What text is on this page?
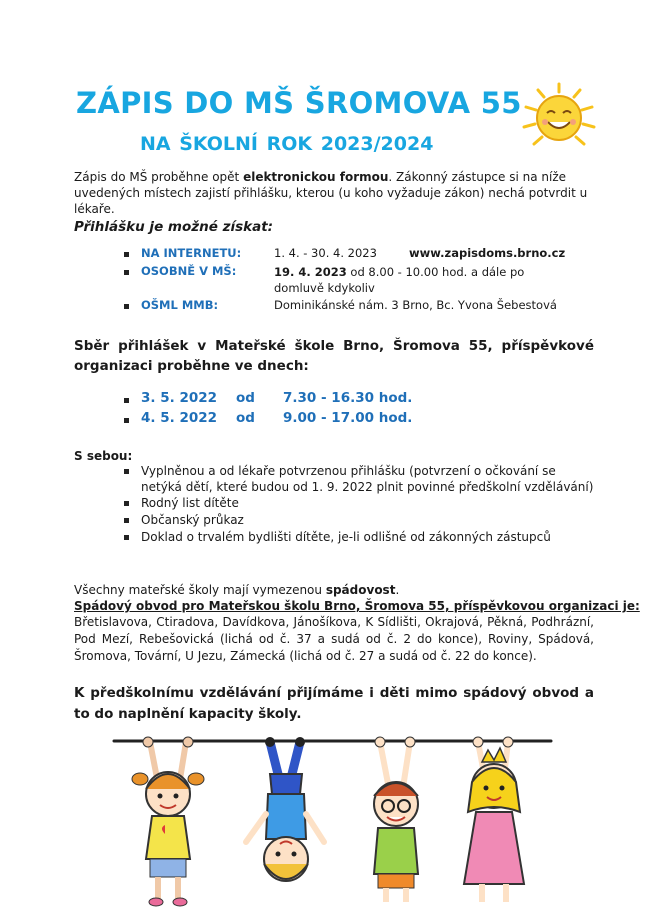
ZÁPIS DO MŠ ŠROMOVA 55
NA ŠKOLNÍ ROK 2023/2024
Zápis do MŠ proběhne opět elektronickou formou. Zákonný zástupce si na níže uvedených místech zajistí přihlášku, kterou (u koho vyžaduje zákon) nechá potvrdit u lékaře.
Přihlášku je možné získat:
NA INTERNETU:	1. 4. - 30. 4. 2023	www.zapisdoms.brno.cz
OSOBNĚ V MŠ:	19. 4. 2023 od 8.00 - 10.00 hod. a dále po domluvě kdykoliv
OŠML MMB:	Dominikánské nám. 3 Brno, Bc. Yvona Šebestová
Sběr přihlášek v Mateřské škole Brno, Šromova 55, příspěvkové organizaci proběhne ve dnech:
3. 5. 2022 od 7.30 - 16.30 hod.
4. 5. 2022 od 9.00 - 17.00 hod.
S sebou:
Vyplněnou a od lékaře potvrzenou přihlášku (potvrzení o očkování se netýká dětí, které budou od 1. 9. 2022 plnit povinné předškolní vzdělávání)
Rodný list dítěte
Občanský průkaz
Doklad o trvalém bydlišti dítěte, je-li odlišné od zákonných zástupců
Všechny mateřské školy mají vymezenou spádovost.
Spádový obvod pro Mateřskou školu Brno, Šromova 55, příspěvkovou organizaci je:
Břetislavova, Ctiradova, Davídkova, Jánošíkova, K Sídlišti, Okrajová, Pěkná, Podhrázní, Pod Mezí, Rebešovická (lichá od č. 37 a sudá od č. 2 do konce), Roviny, Spádová, Šromova, Tovární, U Jezu, Zámecká (lichá od č. 27 a sudá od č. 22 do konce).
K předškolnímu vzdělávání přijímáme i děti mimo spádový obvod a to do naplnění kapacity školy.
